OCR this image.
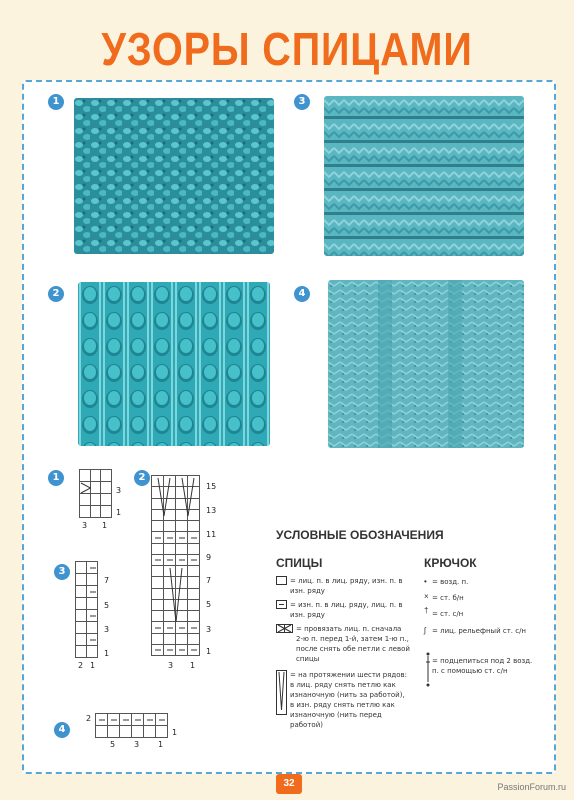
УЗОРЫ СПИЦАМИ
1
2
3
4
1
3
1
3 1
2
15
13
11
9
7
5
3
1
3 1
3
7
5
3
1
2 1
4
2
1
5 3 1
УСЛОВНЫЕ ОБОЗНАЧЕНИЯ
СПИЦЫ	КРЮЧОК
= лиц. п. в лиц. ряду, изн. п. в изн. ряду
= изн. п. в лиц. ряду, лиц. п. в изн. ряду
= провязать лиц. п. сначала 2-ю п. перед 1-й, затем 1-ю п., после снять обе петли с левой спицы
= на протяжении шести рядов: в лиц. ряду снять петлю как изнаночную (нить за работой), в изн. ряду снять петлю как изнаночную (нить перед работой)
• = возд. п.
× = ст. б/н
† = ст. с/н
ʃ = лиц. рельефный ст. с/н
= подцепиться под 2 возд. п. с помощью ст. с/н
32	PassionForum.ru
